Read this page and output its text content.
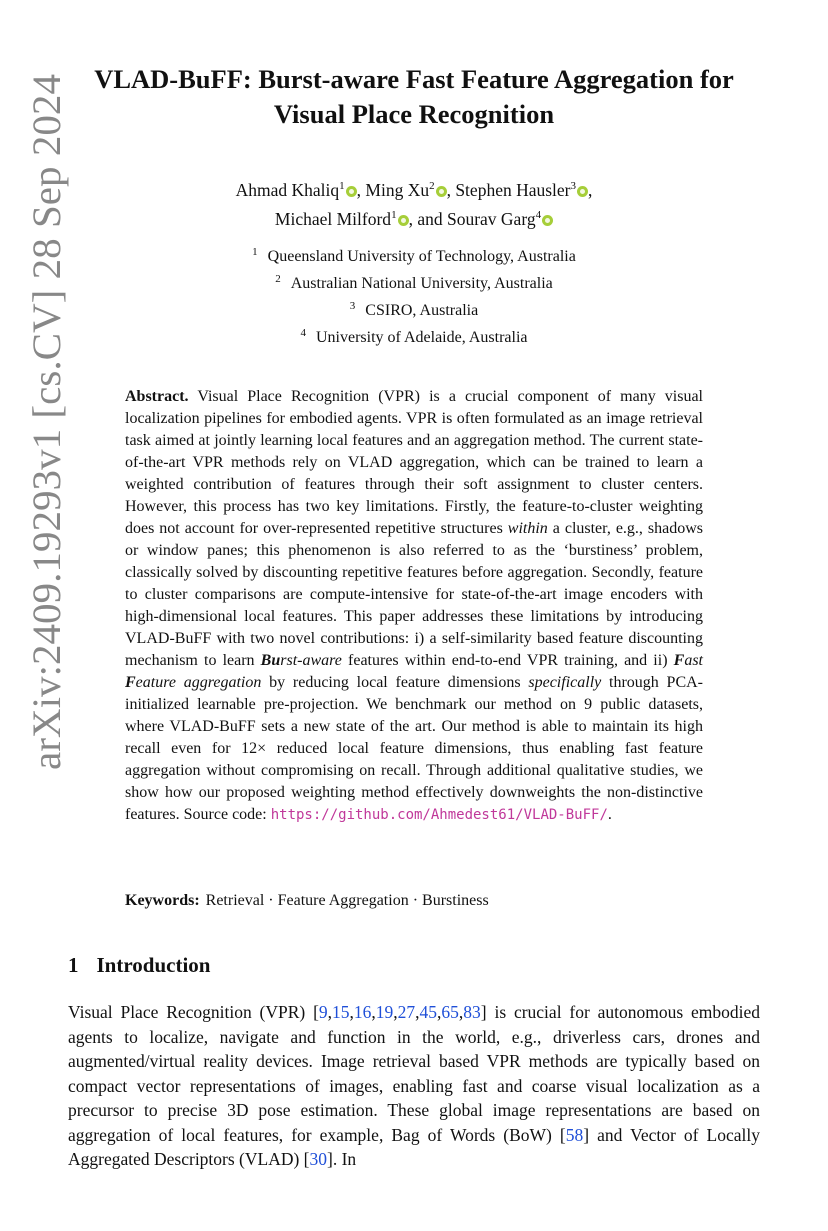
arXiv:2409.19293v1 [cs.CV] 28 Sep 2024
VLAD-BuFF: Burst-aware Fast Feature Aggregation for
Visual Place Recognition
Ahmad Khaliq$^1$ , Ming Xu$^2$ , Stephen Hausler$^3$ ,
Michael Milford$^1$ , and Sourav Garg$^4$
$^1$ Queensland University of Technology, Australia
$^2$ Australian National University, Australia
$^3$ CSIRO, Australia
$^4$ University of Adelaide, Australia
Abstract. Visual Place Recognition (VPR) is a crucial component of many visual localization pipelines for embodied agents. VPR is often formulated as an image retrieval task aimed at jointly learning local features and an aggregation method. The current state-of-the-art VPR methods rely on VLAD aggregation, which can be trained to learn a weighted contribution of features through their soft assignment to cluster centers. However, this process has two key limitations. Firstly, the feature-to-cluster weighting does not account for over-represented repetitive structures within a cluster, e.g., shadows or window panes; this phenomenon is also referred to as the ‘burstiness’ problem, classically solved by discounting repetitive features before aggregation. Secondly, feature to cluster comparisons are compute-intensive for state-of-the-art image encoders with high-dimensional local features. This paper addresses these limitations by introducing VLAD-BuFF with two novel contributions: i) a self-similarity based feature discounting mechanism to learn Burst-aware features within end-to-end VPR training, and ii) Fast Feature aggregation by reducing local feature dimensions specifically through PCA-initialized learnable pre-projection. We benchmark our method on 9 public datasets, where VLAD-BuFF sets a new state of the art. Our method is able to maintain its high recall even for 12× reduced local feature dimensions, thus enabling fast feature aggregation without compromising on recall. Through additional qualitative studies, we show how our proposed weighting method effectively downweights the non-distinctive features. Source code: https://github.com/Ahmedest61/VLAD-BuFF/.
Keywords: Retrieval · Feature Aggregation · Burstiness
1 Introduction
Visual Place Recognition (VPR) [9,15,16,19,27,45,65,83] is crucial for autonomous embodied agents to localize, navigate and function in the world, e.g., driverless cars, drones and augmented/virtual reality devices. Image retrieval based VPR methods are typically based on compact vector representations of images, enabling fast and coarse visual localization as a precursor to precise 3D pose estimation. These global image representations are based on aggregation of local features, for example, Bag of Words (BoW) [58] and Vector of Locally Aggregated Descriptors (VLAD) [30]. In
